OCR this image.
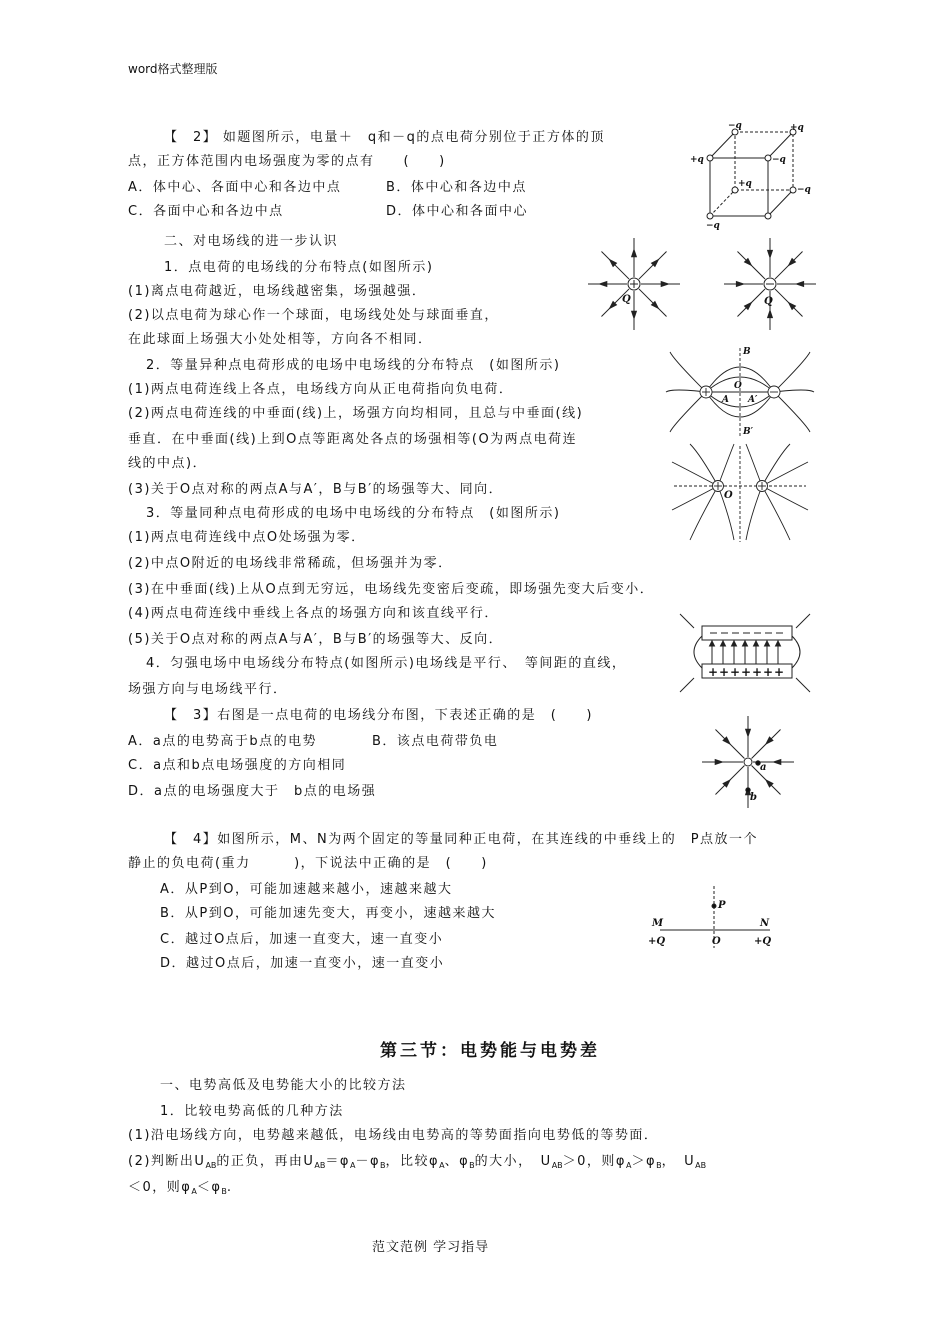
word格式整理版
【　2】 如题图所示，电量＋　q和－q的点电荷分别位于正方体的顶
点，正方体范围内电场强度为零的点有　　(　　)
A．体中心、各面中心和各边中点	B．体中心和各边中点
C．各面中心和各边中点	D．体中心和各面中心
二、对电场线的进一步认识
1．点电荷的电场线的分布特点(如图所示)
(1)离点电荷越近，电场线越密集，场强越强．
(2)以点电荷为球心作一个球面，电场线处处与球面垂直，
在此球面上场强大小处处相等，方向各不相同．
2．等量异种点电荷形成的电场中电场线的分布特点　(如图所示)
(1)两点电荷连线上各点，电场线方向从正电荷指向负电荷．
(2)两点电荷连线的中垂面(线)上，场强方向均相同，且总与中垂面(线)
垂直．在中垂面(线)上到O点等距离处各点的场强相等(O为两点电荷连
线的中点)．
(3)关于O点对称的两点A与A′，B与B′的场强等大、同向．
3．等量同种点电荷形成的电场中电场线的分布特点　(如图所示)
(1)两点电荷连线中点O处场强为零．
(2)中点O附近的电场线非常稀疏，但场强并为零．
(3)在中垂面(线)上从O点到无穷远，电场线先变密后变疏，即场强先变大后变小．
(4)两点电荷连线中垂线上各点的场强方向和该直线平行．
(5)关于O点对称的两点A与A′，B与B′的场强等大、反向．
4．匀强电场中电场线分布特点(如图所示)电场线是平行、　等间距的直线，
场强方向与电场线平行．
【　3】右图是一点电荷的电场线分布图，下表述正确的是　(　　)
A．a点的电势高于b点的电势	B．该点电荷带负电
C．a点和b点电场强度的方向相同
D．a点的电场强度大于　b点的电场强
【　4】如图所示，M、N为两个固定的等量同种正电荷，在其连线的中垂线上的　P点放一个
静止的负电荷(重力　　　)，下说法中正确的是　(　　)
A．从P到O，可能加速越来越小，速越来越大
B．从P到O，可能加速先变大，再变小，速越来越大
C．越过O点后，加速一直变大，速一直变小
D．越过O点后，加速一直变小，速一直变小
第三节：电势能与电势差
一、电势高低及电势能大小的比较方法
1．比较电势高低的几种方法
(1)沿电场线方向，电势越来越低，电场线由电势高的等势面指向电势低的等势面．
(2)判断出$U_{AB}$的正负，再由$U_{AB}=\varphi_A-\varphi_B$，比较$\varphi_A$、$\varphi_B$的大小，　$U_{AB}>0$，则$\varphi_A>\varphi_B$，　$U_{AB}$
＜0，则$\varphi_A<\varphi_B$.
范文范例 学习指导
−q	+q
+q	−q
+q
−q
−q
Q	Q
B
B′
O
A A′
O
+ + + + + + +
a
b
M	N
P
O
+Q	+Q
